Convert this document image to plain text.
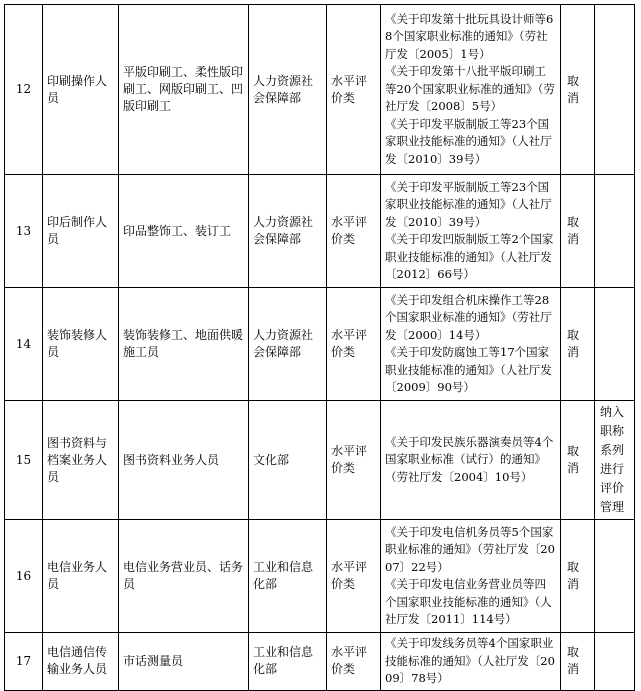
12	印刷操作人员	平版印刷工、柔性版印刷工、网版印刷工、凹版印刷工	人力资源社会保障部	水平评价类	《关于印发第十批玩具设计师等68个国家职业标准的通知》（劳社厅发〔2005〕1号）
《关于印发第十八批平版印刷工等20个国家职业标准的通知》（劳社厅发〔2008〕5号）
《关于印发平版制版工等23个国家职业技能标准的通知》（人社厅发〔2010〕39号）	取消	
13	印后制作人员	印品整饰工、装订工	人力资源社会保障部	水平评价类	《关于印发平版制版工等23个国家职业技能标准的通知》（人社厅发〔2010〕39号）
《关于印发凹版制版工等2个国家职业技能标准的通知》（人社厅发〔2012〕66号）	取消	
14	装饰装修人员	装饰装修工、地面供暖施工员	人力资源社会保障部	水平评价类	《关于印发组合机床操作工等28个国家职业标准的通知》（劳社厅发〔2000〕14号）
《关于印发防腐蚀工等17个国家职业技能标准的通知》（人社厅发〔2009〕90号）	取消	
15	图书资料与档案业务人员	图书资料业务人员	文化部	水平评价类	《关于印发民族乐器演奏员等4个国家职业标准（试行）的通知》（劳社厅发〔2004〕10号）	取消	纳入职称系列进行评价管理
16	电信业务人员	电信业务营业员、话务员	工业和信息化部	水平评价类	《关于印发电信机务员等5个国家职业标准的通知》（劳社厅发〔2007〕22号）
《关于印发电信业务营业员等四个国家职业技能标准的通知》（人社厅发〔2011〕114号）	取消	
17	电信通信传输业务人员	市话测量员	工业和信息化部	水平评价类	《关于印发线务员等4个国家职业技能标准的通知》（人社厅发〔2009〕78号）	取消	
